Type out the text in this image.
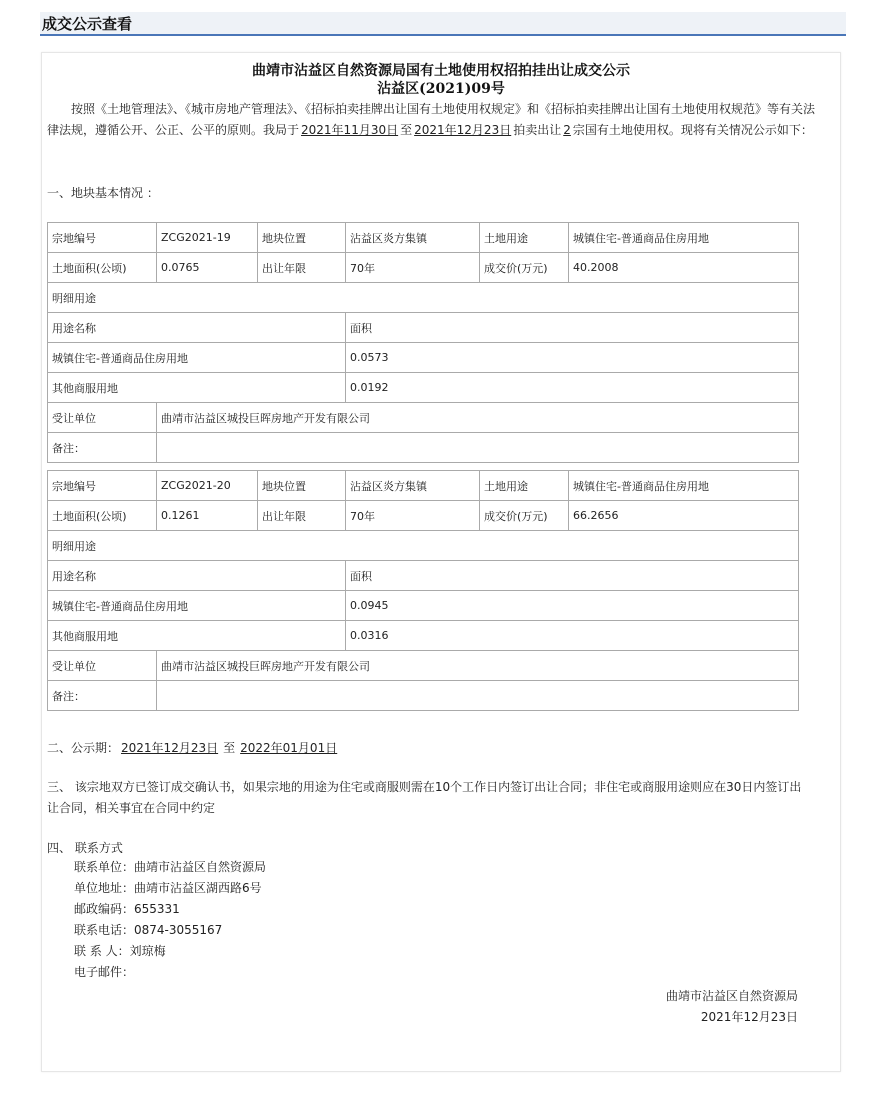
成交公示查看
曲靖市沾益区自然资源局国有土地使用权招拍挂出让成交公示
沾益区(2021)09号
按照《土地管理法》、《城市房地产管理法》、《招标拍卖挂牌出让国有土地使用权规定》和《招标拍卖挂牌出让国有土地使用权规范》等有关法律法规，遵循公开、公正、公平的原则。我局于 2021年11月30日 至 2021年12月23日 拍卖出让 2 宗国有土地使用权。现将有关情况公示如下：
一、地块基本情况 ：
宗地编号	ZCG2021-19	地块位置	沾益区炎方集镇	土地用途	城镇住宅-普通商品住房用地
土地面积(公顷)	0.0765	出让年限	70年	成交价(万元)	40.2008
明细用途					
用途名称			面积		
城镇住宅-普通商品住房用地			0.0573		
其他商服用地			0.0192		
受让单位	曲靖市沾益区城投巨晖房地产开发有限公司				
备注：					
宗地编号	ZCG2021-20	地块位置	沾益区炎方集镇	土地用途	城镇住宅-普通商品住房用地
土地面积(公顷)	0.1261	出让年限	70年	成交价(万元)	66.2656
明细用途					
用途名称			面积		
城镇住宅-普通商品住房用地			0.0945		
其他商服用地			0.0316		
受让单位	曲靖市沾益区城投巨晖房地产开发有限公司				
备注：					
二、公示期： 2021年12月23日 至 2022年01月01日
三、 该宗地双方已签订成交确认书，如果宗地的用途为住宅或商服则需在10个工作日内签订出让合同；非住宅或商服用途则应在30日内签订出让合同，相关事宜在合同中约定
四、 联系方式
联系单位：曲靖市沾益区自然资源局
单位地址：曲靖市沾益区湖西路6号
邮政编码：655331
联系电话：0874-3055167
联 系 人：刘琼梅
电子邮件：
曲靖市沾益区自然资源局
2021年12月23日
